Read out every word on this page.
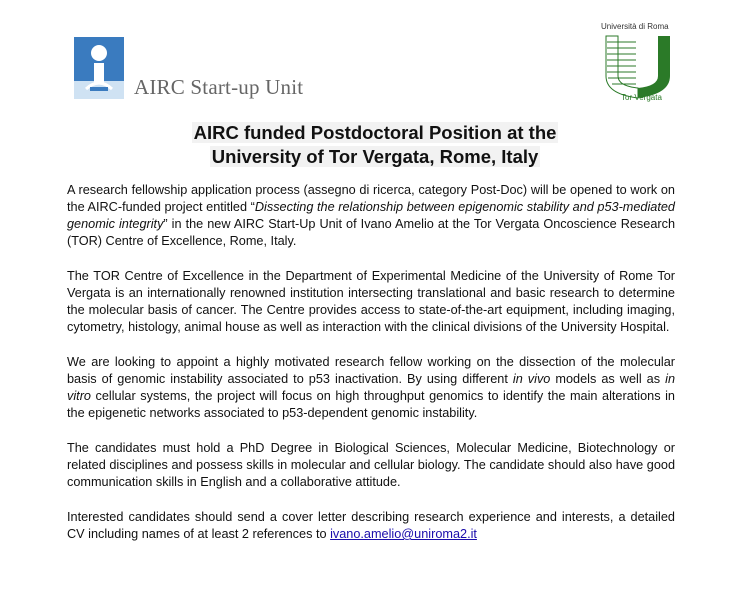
AIRC Start-up Unit
Università di Roma
Tor Vergata
AIRC funded Postdoctoral Position at the
University of Tor Vergata, Rome, Italy

A research fellowship application process (assegno di ricerca, category Post-Doc) will be opened to work on the AIRC-funded project entitled “Dissecting the relationship between epigenomic stability and p53-mediated genomic integrity” in the new AIRC Start-Up Unit of Ivano Amelio at the Tor Vergata Oncoscience Research (TOR) Centre of Excellence, Rome, Italy.

The TOR Centre of Excellence in the Department of Experimental Medicine of the University of Rome Tor Vergata is an internationally renowned institution intersecting translational and basic research to determine the molecular basis of cancer. The Centre provides access to state-of-the-art equipment, including imaging, cytometry, histology, animal house as well as interaction with the clinical divisions of the University Hospital.

We are looking to appoint a highly motivated research fellow working on the dissection of the molecular basis of genomic instability associated to p53 inactivation. By using different in vivo models as well as in vitro cellular systems, the project will focus on high throughput genomics to identify the main alterations in the epigenetic networks associated to p53-dependent genomic instability.

The candidates must hold a PhD Degree in Biological Sciences, Molecular Medicine, Biotechnology or related disciplines and possess skills in molecular and cellular biology. The candidate should also have good communication skills in English and a collaborative attitude.

Interested candidates should send a cover letter describing research experience and interests, a detailed CV including names of at least 2 references to ivano.amelio@uniroma2.it
